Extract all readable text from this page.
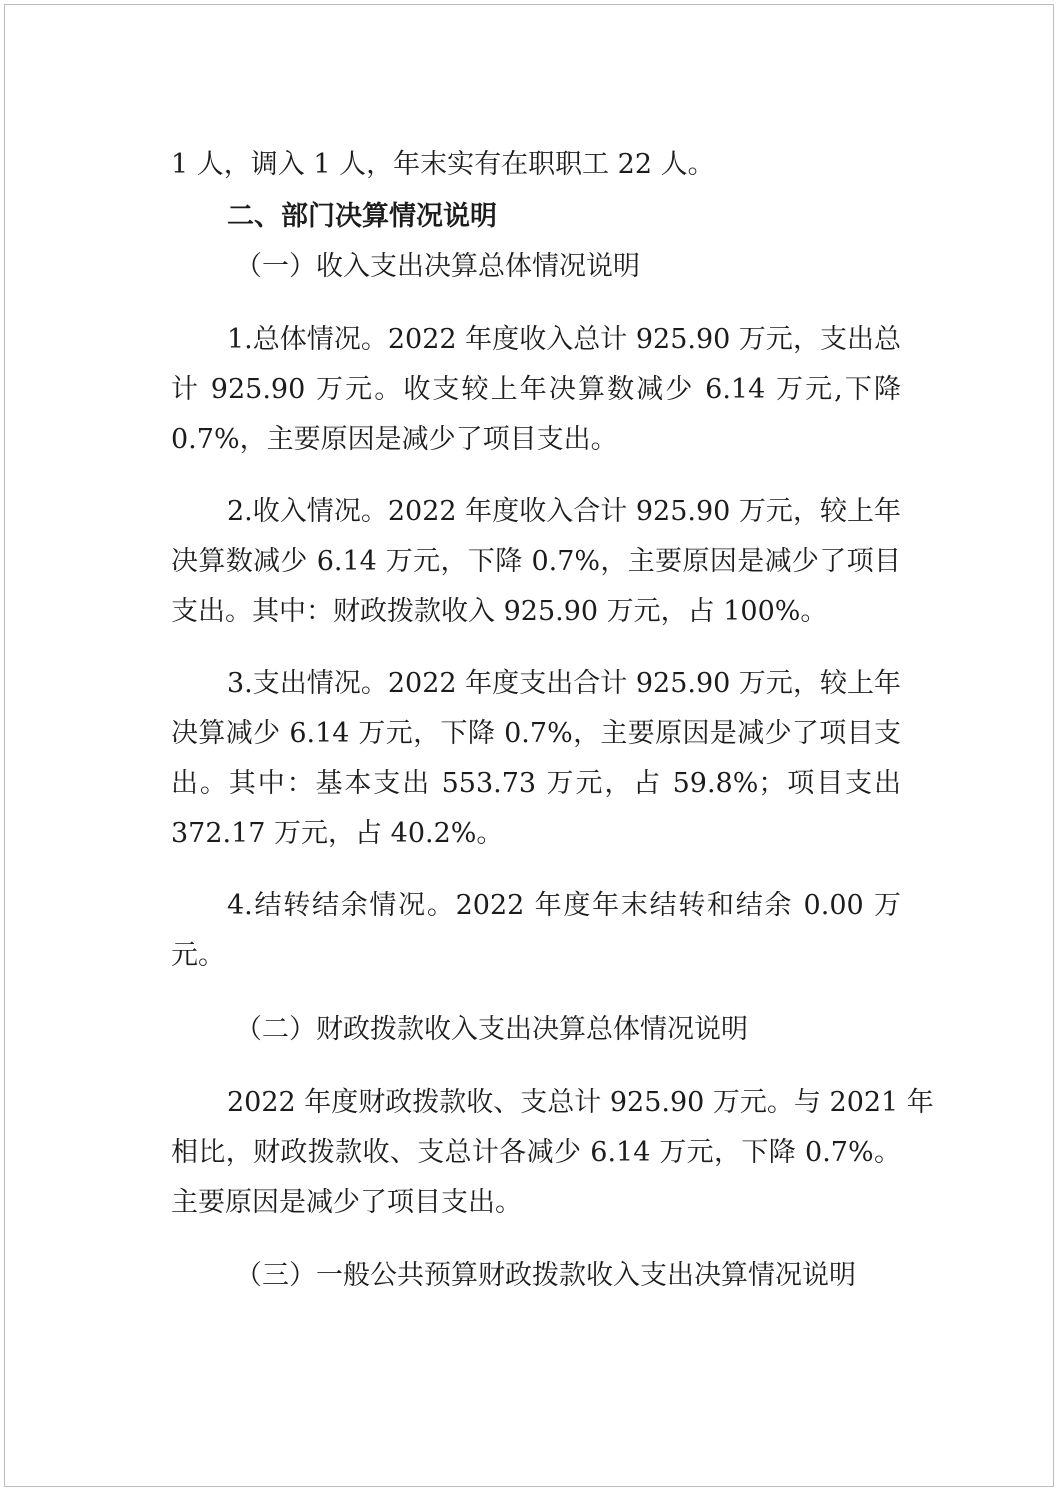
1 人，调入 1 人，年末实有在职职工 22 人。

二、部门决算情况说明

（一）收入支出决算总体情况说明

1.总体情况。2022 年度收入总计 925.90 万元，支出总

计 925.90 万元。收支较上年决算数减少 6.14 万元,下降

0.7%，主要原因是减少了项目支出。

2.收入情况。2022 年度收入合计 925.90 万元，较上年

决算数减少 6.14 万元，下降 0.7%，主要原因是减少了项目

支出。其中：财政拨款收入 925.90 万元，占 100%。

3.支出情况。2022 年度支出合计 925.90 万元，较上年

决算减少 6.14 万元，下降 0.7%，主要原因是减少了项目支

出。其中：基本支出 553.73 万元，占 59.8%；项目支出

372.17 万元，占 40.2%。

4.结转结余情况。2022 年度年末结转和结余 0.00 万

元。

（二）财政拨款收入支出决算总体情况说明

2022 年度财政拨款收、支总计 925.90 万元。与 2021 年

相比，财政拨款收、支总计各减少 6.14 万元，下降 0.7%。

主要原因是减少了项目支出。

（三）一般公共预算财政拨款收入支出决算情况说明
